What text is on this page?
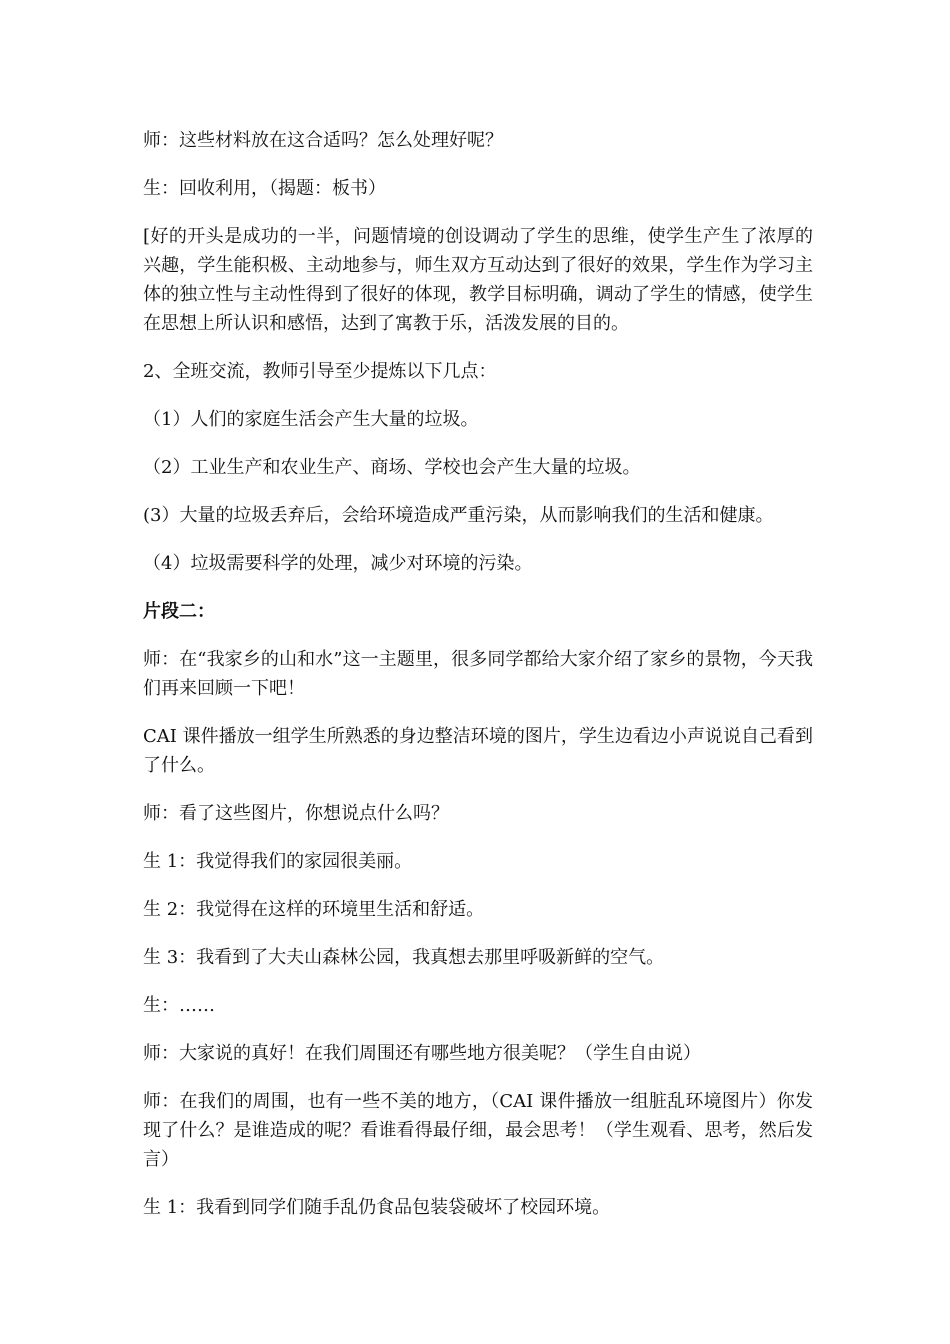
师：这些材料放在这合适吗？怎么处理好呢？

生：回收利用，（揭题：板书）

[好的开头是成功的一半，问题情境的创设调动了学生的思维，使学生产生了浓厚的兴趣，学生能积极、主动地参与，师生双方互动达到了很好的效果，学生作为学习主体的独立性与主动性得到了很好的体现，教学目标明确，调动了学生的情感，使学生在思想上所认识和感悟，达到了寓教于乐，活泼发展的目的。

2、全班交流，教师引导至少提炼以下几点：

（1）人们的家庭生活会产生大量的垃圾。

（2）工业生产和农业生产、商场、学校也会产生大量的垃圾。

(3）大量的垃圾丢弃后，会给环境造成严重污染，从而影响我们的生活和健康。

（4）垃圾需要科学的处理，减少对环境的污染。

片段二：

师：在“我家乡的山和水”这一主题里，很多同学都给大家介绍了家乡的景物，今天我们再来回顾一下吧！

CAI 课件播放一组学生所熟悉的身边整洁环境的图片，学生边看边小声说说自己看到了什么。

师：看了这些图片，你想说点什么吗？

生 1：我觉得我们的家园很美丽。

生 2：我觉得在这样的环境里生活和舒适。

生 3：我看到了大夫山森林公园，我真想去那里呼吸新鲜的空气。

生：……

师：大家说的真好！在我们周围还有哪些地方很美呢？（学生自由说）

师：在我们的周围，也有一些不美的地方，（CAI 课件播放一组脏乱环境图片）你发现了什么？是谁造成的呢？看谁看得最仔细，最会思考！（学生观看、思考，然后发言）

生 1：我看到同学们随手乱仍食品包装袋破坏了校园环境。
